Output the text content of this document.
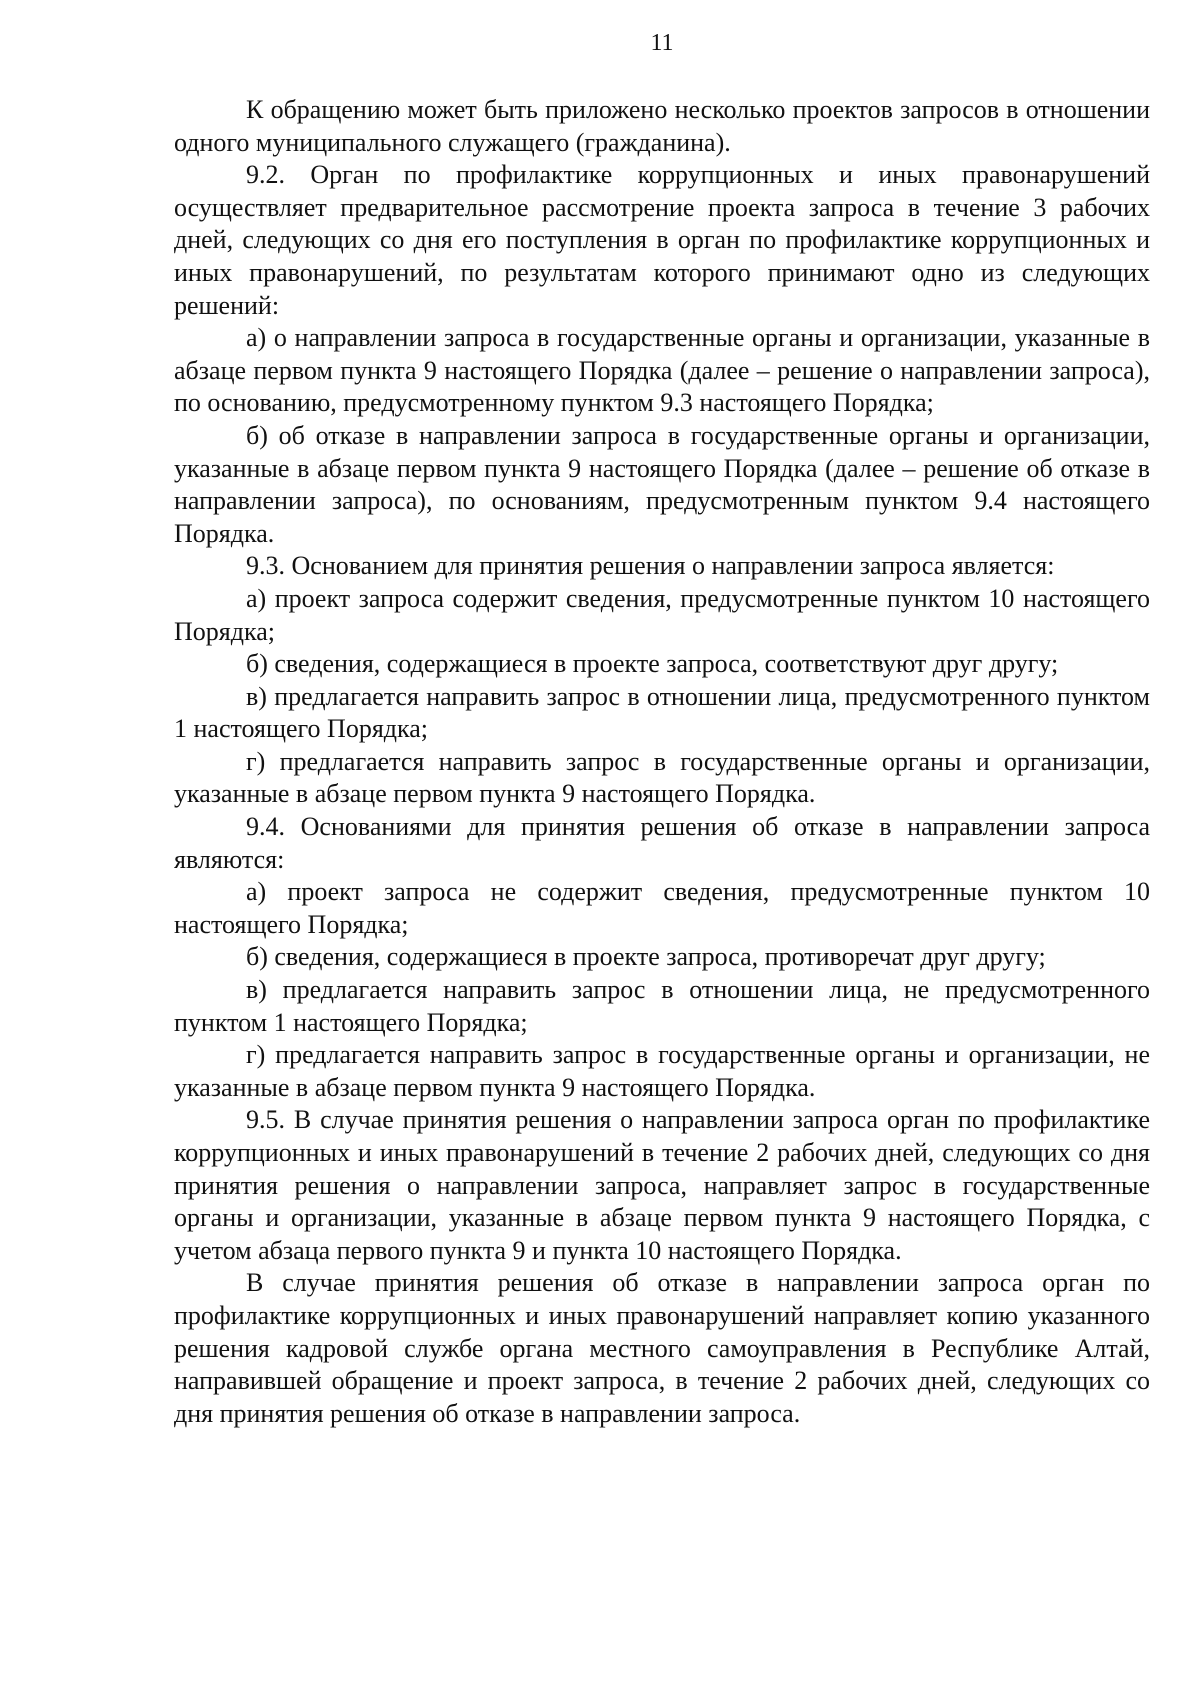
11

К обращению может быть приложено несколько проектов запросов в отношении одного муниципального служащего (гражданина).

9.2. Орган по профилактике коррупционных и иных правонарушений осуществляет предварительное рассмотрение проекта запроса в течение 3 рабочих дней, следующих со дня его поступления в орган по профилактике коррупционных и иных правонарушений, по результатам которого принимают одно из следующих решений:

а) о направлении запроса в государственные органы и организации, указанные в абзаце первом пункта 9 настоящего Порядка (далее – решение о направлении запроса), по основанию, предусмотренному пунктом 9.3 настоящего Порядка;

б) об отказе в направлении запроса в государственные органы и организации, указанные в абзаце первом пункта 9 настоящего Порядка (далее – решение об отказе в направлении запроса), по основаниям, предусмотренным пунктом 9.4 настоящего Порядка.

9.3. Основанием для принятия решения о направлении запроса является:

а) проект запроса содержит сведения, предусмотренные пунктом 10 настоящего Порядка;

б) сведения, содержащиеся в проекте запроса, соответствуют друг другу;

в) предлагается направить запрос в отношении лица, предусмотренного пунктом 1 настоящего Порядка;

г) предлагается направить запрос в государственные органы и организации, указанные в абзаце первом пункта 9 настоящего Порядка.

9.4. Основаниями для принятия решения об отказе в направлении запроса являются:

а) проект запроса не содержит сведения, предусмотренные пунктом 10 настоящего Порядка;

б) сведения, содержащиеся в проекте запроса, противоречат друг другу;

в) предлагается направить запрос в отношении лица, не предусмотренного пунктом 1 настоящего Порядка;

г) предлагается направить запрос в государственные органы и организации, не указанные в абзаце первом пункта 9 настоящего Порядка.

9.5. В случае принятия решения о направлении запроса орган по профилактике коррупционных и иных правонарушений в течение 2 рабочих дней, следующих со дня принятия решения о направлении запроса, направляет запрос в государственные органы и организации, указанные в абзаце первом пункта 9 настоящего Порядка, с учетом абзаца первого пункта 9 и пункта 10 настоящего Порядка.

В случае принятия решения об отказе в направлении запроса орган по профилактике коррупционных и иных правонарушений направляет копию указанного решения кадровой службе органа местного самоуправления в Республике Алтай, направившей обращение и проект запроса, в течение 2 рабочих дней, следующих со дня принятия решения об отказе в направлении запроса.
